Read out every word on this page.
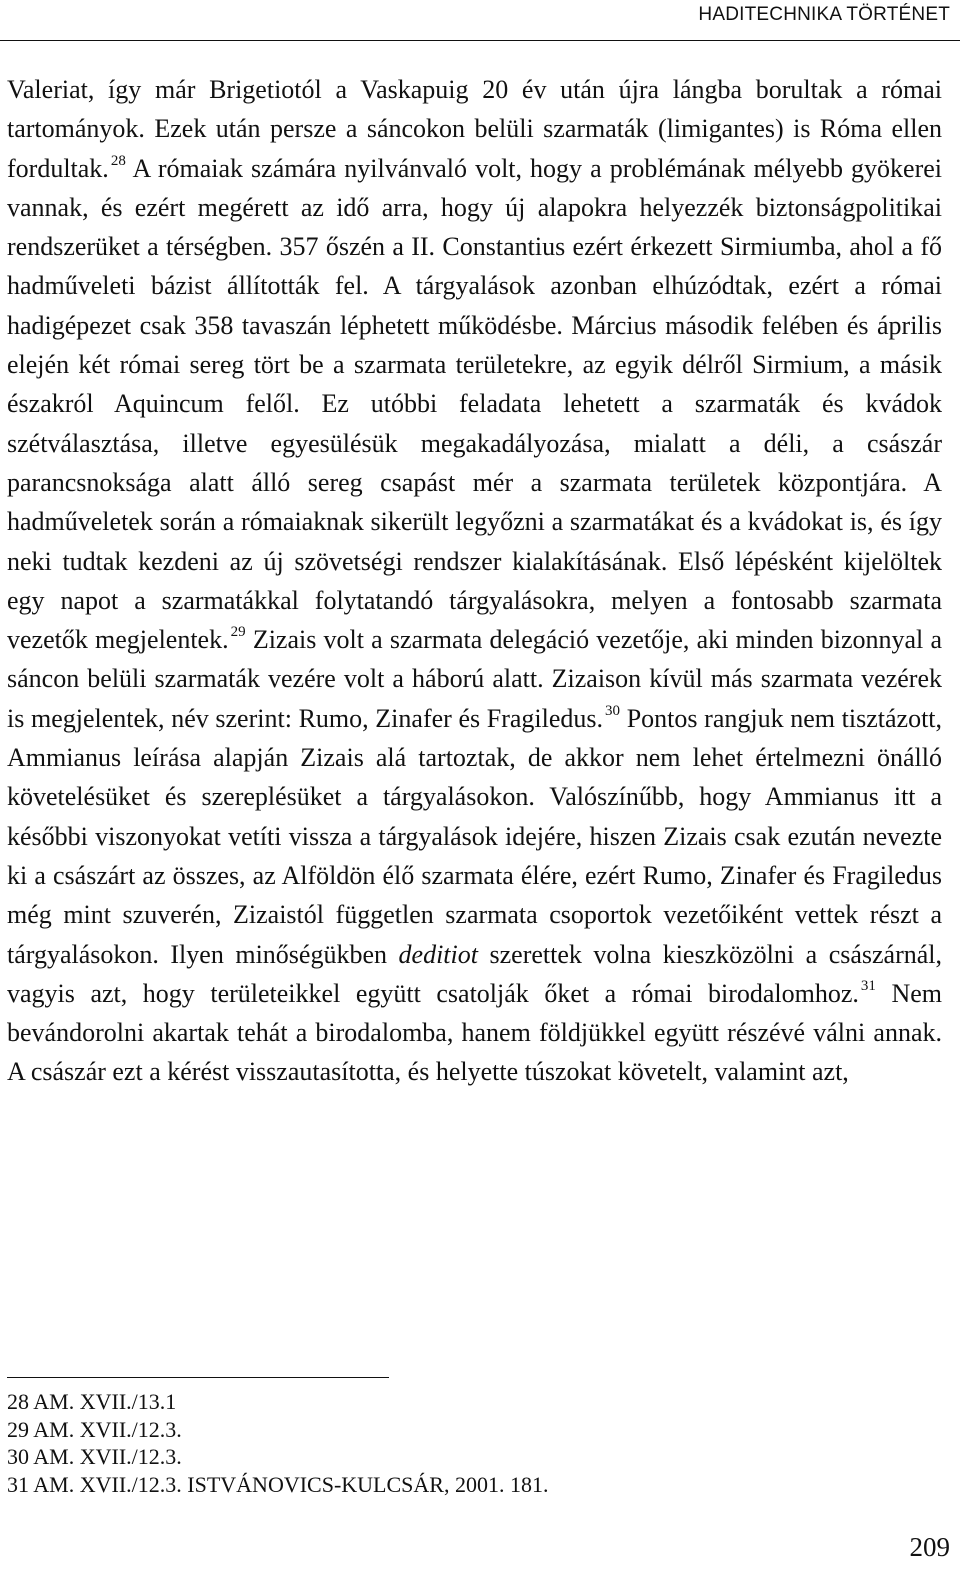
HADITECHNIKA TÖRTÉNET

Valeriat, így már Brigetiotól a Vaskapuig 20 év után újra lángba borultak a római tartományok. Ezek után persze a sáncokon belüli szarmaták (limigantes) is Róma ellen fordultak. $^{28}$ A rómaiak számára nyilvánvaló volt, hogy a problémának mélyebb gyökerei vannak, és ezért megérett az idő arra, hogy új alapokra helyezzék biztonságpolitikai rendszerüket a térségben. 357 őszén a II. Constantius ezért érkezett Sirmiumba, ahol a fő hadműveleti bázist állították fel. A tárgyalások azonban elhúzódtak, ezért a római hadigépezet csak 358 tavaszán léphetett működésbe. Március második felében és április elején két római sereg tört be a szarmata területekre, az egyik délről Sirmium, a másik északról Aquincum felől. Ez utóbbi feladata lehetett a szarmaták és kvádok szétválasztása, illetve egyesülésük megakadályozása, mialatt a déli, a császár parancsnoksága alatt álló sereg csapást mér a szarmata területek központjára. A hadműveletek során a rómaiaknak sikerült legyőzni a szarmatákat és a kvádokat is, és így neki tudtak kezdeni az új szövetségi rendszer kialakításának. Első lépésként kijelöltek egy napot a szarmatákkal folytatandó tárgyalásokra, melyen a fontosabb szarmata vezetők megjelentek. $^{29}$ Zizais volt a szarmata delegáció vezetője, aki minden bizonnyal a sáncon belüli szarmaták vezére volt a háború alatt. Zizaison kívül más szarmata vezérek is megjelentek, név szerint: Rumo, Zinafer és Fragiledus. $^{30}$ Pontos rangjuk nem tisztázott, Ammianus leírása alapján Zizais alá tartoztak, de akkor nem lehet értelmezni önálló követelésüket és szereplésüket a tárgyalásokon. Valószínűbb, hogy Ammianus itt a későbbi viszonyokat vetíti vissza a tárgyalások idejére, hiszen Zizais csak ezután nevezte ki a császárt az összes, az Alföldön élő szarmata élére, ezért Rumo, Zinafer és Fragiledus még mint szuverén, Zizaistól független szarmata csoportok vezetőiként vettek részt a tárgyalásokon. Ilyen minőségükben deditiot szerettek volna kieszközölni a császárnál, vagyis azt, hogy területeikkel együtt csatolják őket a római birodalomhoz. $^{31}$ Nem bevándorolni akartak tehát a birodalomba, hanem földjükkel együtt részévé válni annak. A császár ezt a kérést visszautasította, és helyette túszokat követelt, valamint azt,

28 AM. XVII./13.1
29 AM. XVII./12.3.
30 AM. XVII./12.3.
31 AM. XVII./12.3. ISTVÁNOVICS-KULCSÁR, 2001. 181.
209
